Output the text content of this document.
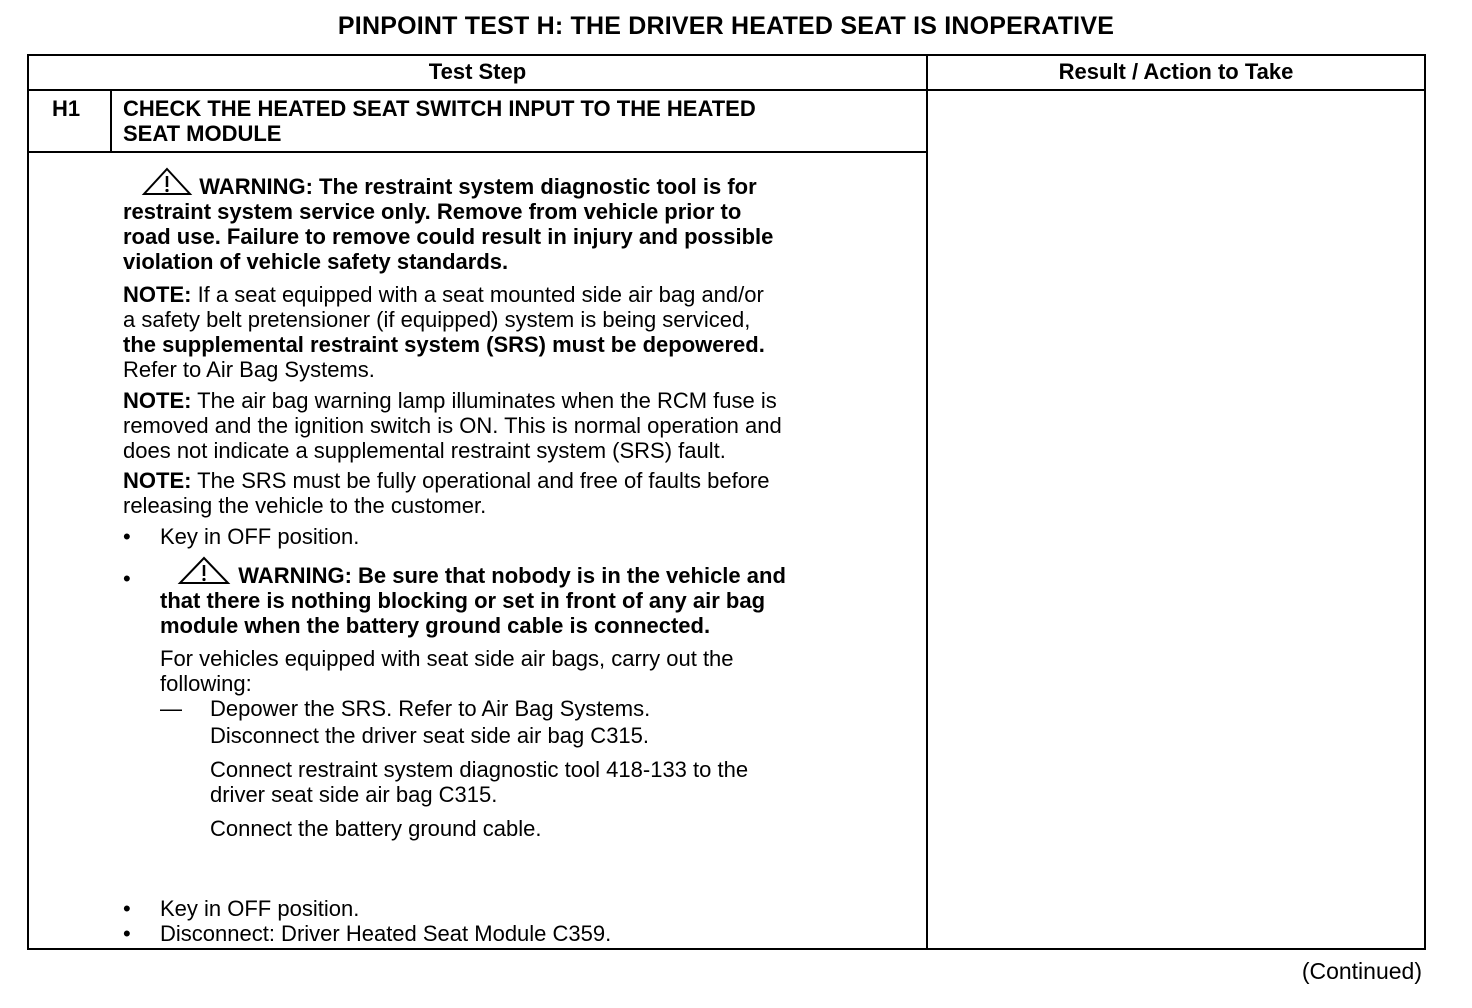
PINPOINT TEST H: THE DRIVER HEATED SEAT IS INOPERATIVE
Test Step	Result / Action to Take
H1 CHECK THE HEATED SEAT SWITCH INPUT TO THE HEATED
SEAT MODULE
WARNING: The restraint system diagnostic tool is for
restraint system service only. Remove from vehicle prior to
road use. Failure to remove could result in injury and possible
violation of vehicle safety standards.
NOTE: If a seat equipped with a seat mounted side air bag and/or
a safety belt pretensioner (if equipped) system is being serviced,
the supplemental restraint system (SRS) must be depowered.
Refer to Air Bag Systems.
NOTE: The air bag warning lamp illuminates when the RCM fuse is
removed and the ignition switch is ON. This is normal operation and
does not indicate a supplemental restraint system (SRS) fault.
NOTE: The SRS must be fully operational and free of faults before
releasing the vehicle to the customer.
• Key in OFF position.
•	WARNING: Be sure that nobody is in the vehicle and
that there is nothing blocking or set in front of any air bag
module when the battery ground cable is connected.
For vehicles equipped with seat side air bags, carry out the
following:
— Depower the SRS. Refer to Air Bag Systems.
Disconnect the driver seat side air bag C315.
Connect restraint system diagnostic tool 418-133 to the
driver seat side air bag C315.
Connect the battery ground cable.
• Key in OFF position.
• Disconnect: Driver Heated Seat Module C359.
(Continued)
